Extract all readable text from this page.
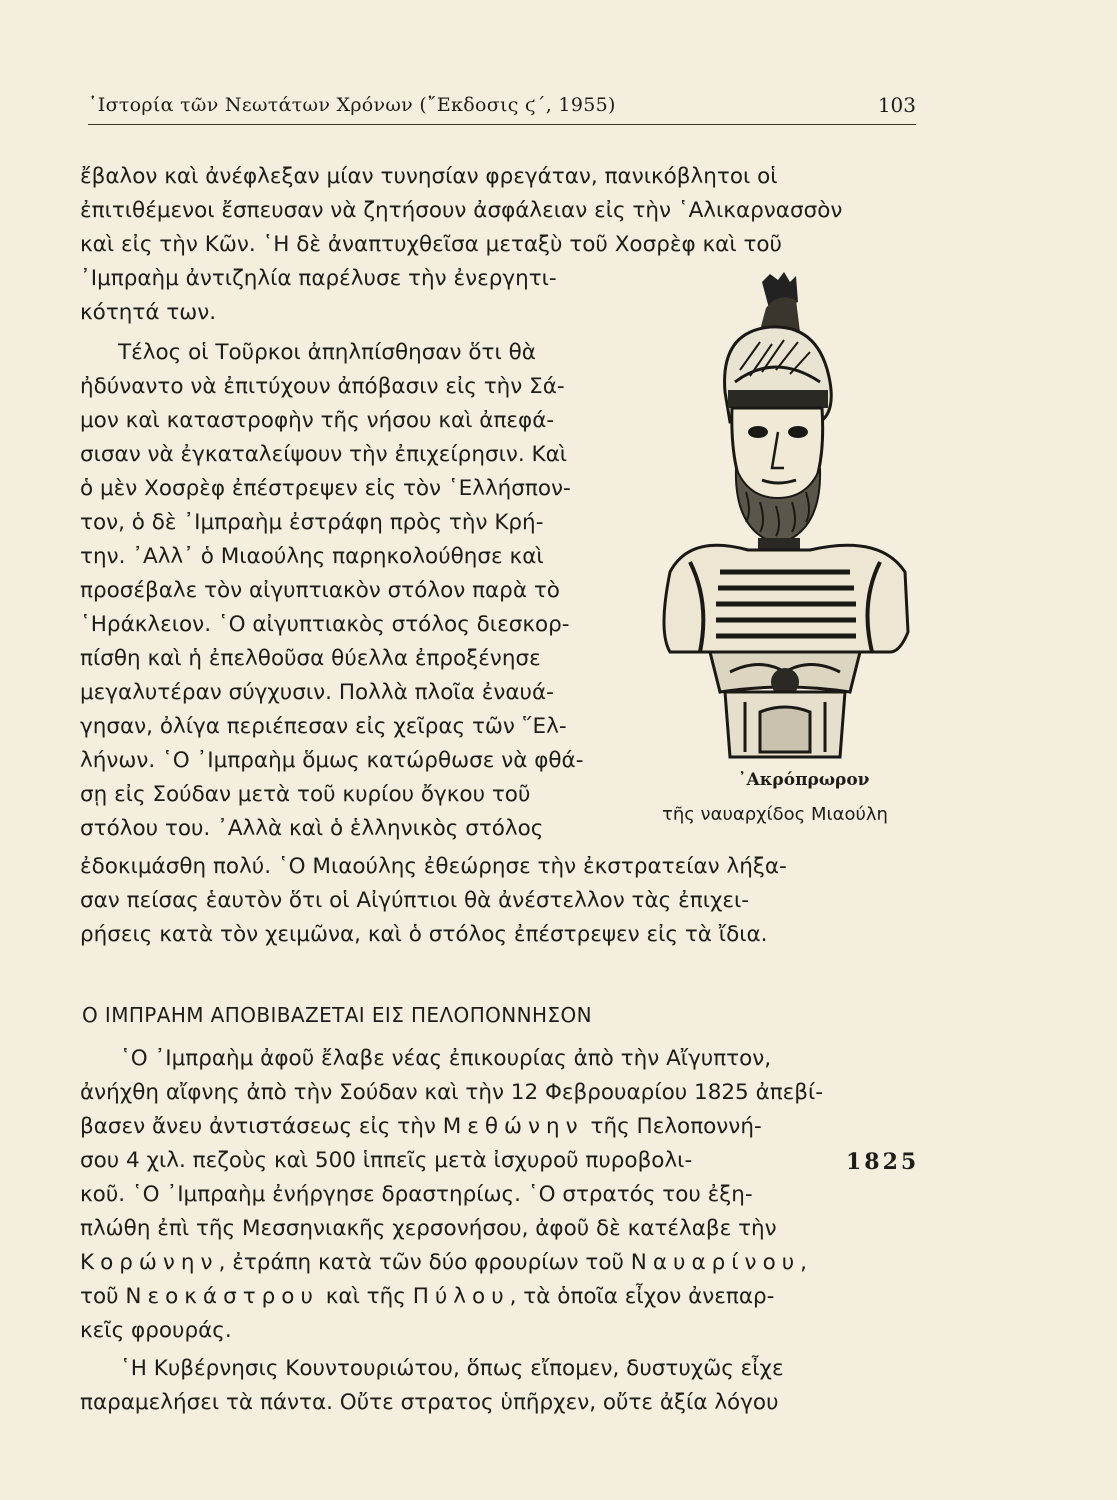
῾Ιστορία τῶν Νεωτάτων Χρόνων (῎Εκδοσις ϛ΄, 1955)	103
ἔβαλον καὶ ἀνέφλεξαν μίαν τυνησίαν φρεγάταν, πανικόβλητοι οἱ
ἐπιτιθέμενοι ἔσπευσαν νὰ ζητήσουν ἀσφάλειαν εἰς τὴν ῾Αλικαρνασσὸν
καὶ εἰς τὴν Κῶν. ῾Η δὲ ἀναπτυχθεῖσα μεταξὺ τοῦ Χοσρὲφ καὶ τοῦ
᾿Ιμπραὴμ ἀντιζηλία παρέλυσε τὴν ἐνεργητι-
κότητά των.
Τέλος οἱ Τοῦρκοι ἀπηλπίσθησαν ὅτι θὰ
ἠδύναντο νὰ ἐπιτύχουν ἀπόβασιν εἰς τὴν Σά-
μον καὶ καταστροφὴν τῆς νήσου καὶ ἀπεφά-
σισαν νὰ ἐγκαταλείψουν τὴν ἐπιχείρησιν. Καὶ
ὁ μὲν Χοσρὲφ ἐπέστρεψεν εἰς τὸν ῾Ελλήσπον-
τον, ὁ δὲ ᾿Ιμπραὴμ ἐστράφη πρὸς τὴν Κρή-
την. ᾿Αλλ᾿ ὁ Μιαούλης παρηκολούθησε καὶ
προσέβαλε τὸν αἰγυπτιακὸν στόλον παρὰ τὸ
῾Ηράκλειον. ῾Ο αἰγυπτιακὸς στόλος διεσκορ-
πίσθη καὶ ἡ ἐπελθοῦσα θύελλα ἐπροξένησε
μεγαλυτέραν σύγχυσιν. Πολλὰ πλοῖα ἐναυά-
γησαν, ὀλίγα περιέπεσαν εἰς χεῖρας τῶν ῞Ελ-
λήνων. ῾Ο ᾿Ιμπραὴμ ὅμως κατώρθωσε νὰ φθά-
σῃ εἰς Σούδαν μετὰ τοῦ κυρίου ὄγκου τοῦ
στόλου του. ᾿Αλλὰ καὶ ὁ ἑλληνικὸς στόλος
ἐδοκιμάσθη πολύ. ῾Ο Μιαούλης ἐθεώρησε τὴν ἐκστρατείαν λήξα-
σαν πείσας ἑαυτὸν ὅτι οἱ Αἰγύπτιοι θὰ ἀνέστελλον τὰς ἐπιχει-
ρήσεις κατὰ τὸν χειμῶνα, καὶ ὁ στόλος ἐπέστρεψεν εἰς τὰ ἴδια.
᾿Ακρόπρωρον
τῆς ναυαρχίδος Μιαούλη
Ο ΙΜΠΡΑΗΜ ΑΠΟΒΙΒΑΖΕΤΑΙ ΕΙΣ ΠΕΛΟΠΟΝΝΗΣΟΝ
῾Ο ᾿Ιμπραὴμ ἀφοῦ ἔλαβε νέας ἐπικουρίας ἀπὸ τὴν Αἴγυπτον,
ἀνήχθη αἴφνης ἀπὸ τὴν Σούδαν καὶ τὴν 12 Φεβρουαρίου 1825 ἀπεβί-
βασεν ἄνευ ἀντιστάσεως εἰς τὴν Μεθώνην τῆς Πελοποννή-
σου 4 χιλ. πεζοὺς καὶ 500 ἱππεῖς μετὰ ἰσχυροῦ πυροβολι-	1825
κοῦ. ῾Ο ᾿Ιμπραὴμ ἐνήργησε δραστηρίως. ῾Ο στρατός του ἐξη-
πλώθη ἐπὶ τῆς Μεσσηνιακῆς χερσονήσου, ἀφοῦ δὲ κατέλαβε τὴν
Κορώνην, ἐτράπη κατὰ τῶν δύο φρουρίων τοῦ Ναυαρίνου,
τοῦ Νεοκάστρου καὶ τῆς Πύλου, τὰ ὁποῖα εἶχον ἀνεπαρ-
κεῖς φρουράς.
῾Η Κυβέρνησις Κουντουριώτου, ὅπως εἴπομεν, δυστυχῶς εἶχε
παραμελήσει τὰ πάντα. Οὔτε στρατος ὑπῆρχεν, οὔτε ἀξία λόγου
